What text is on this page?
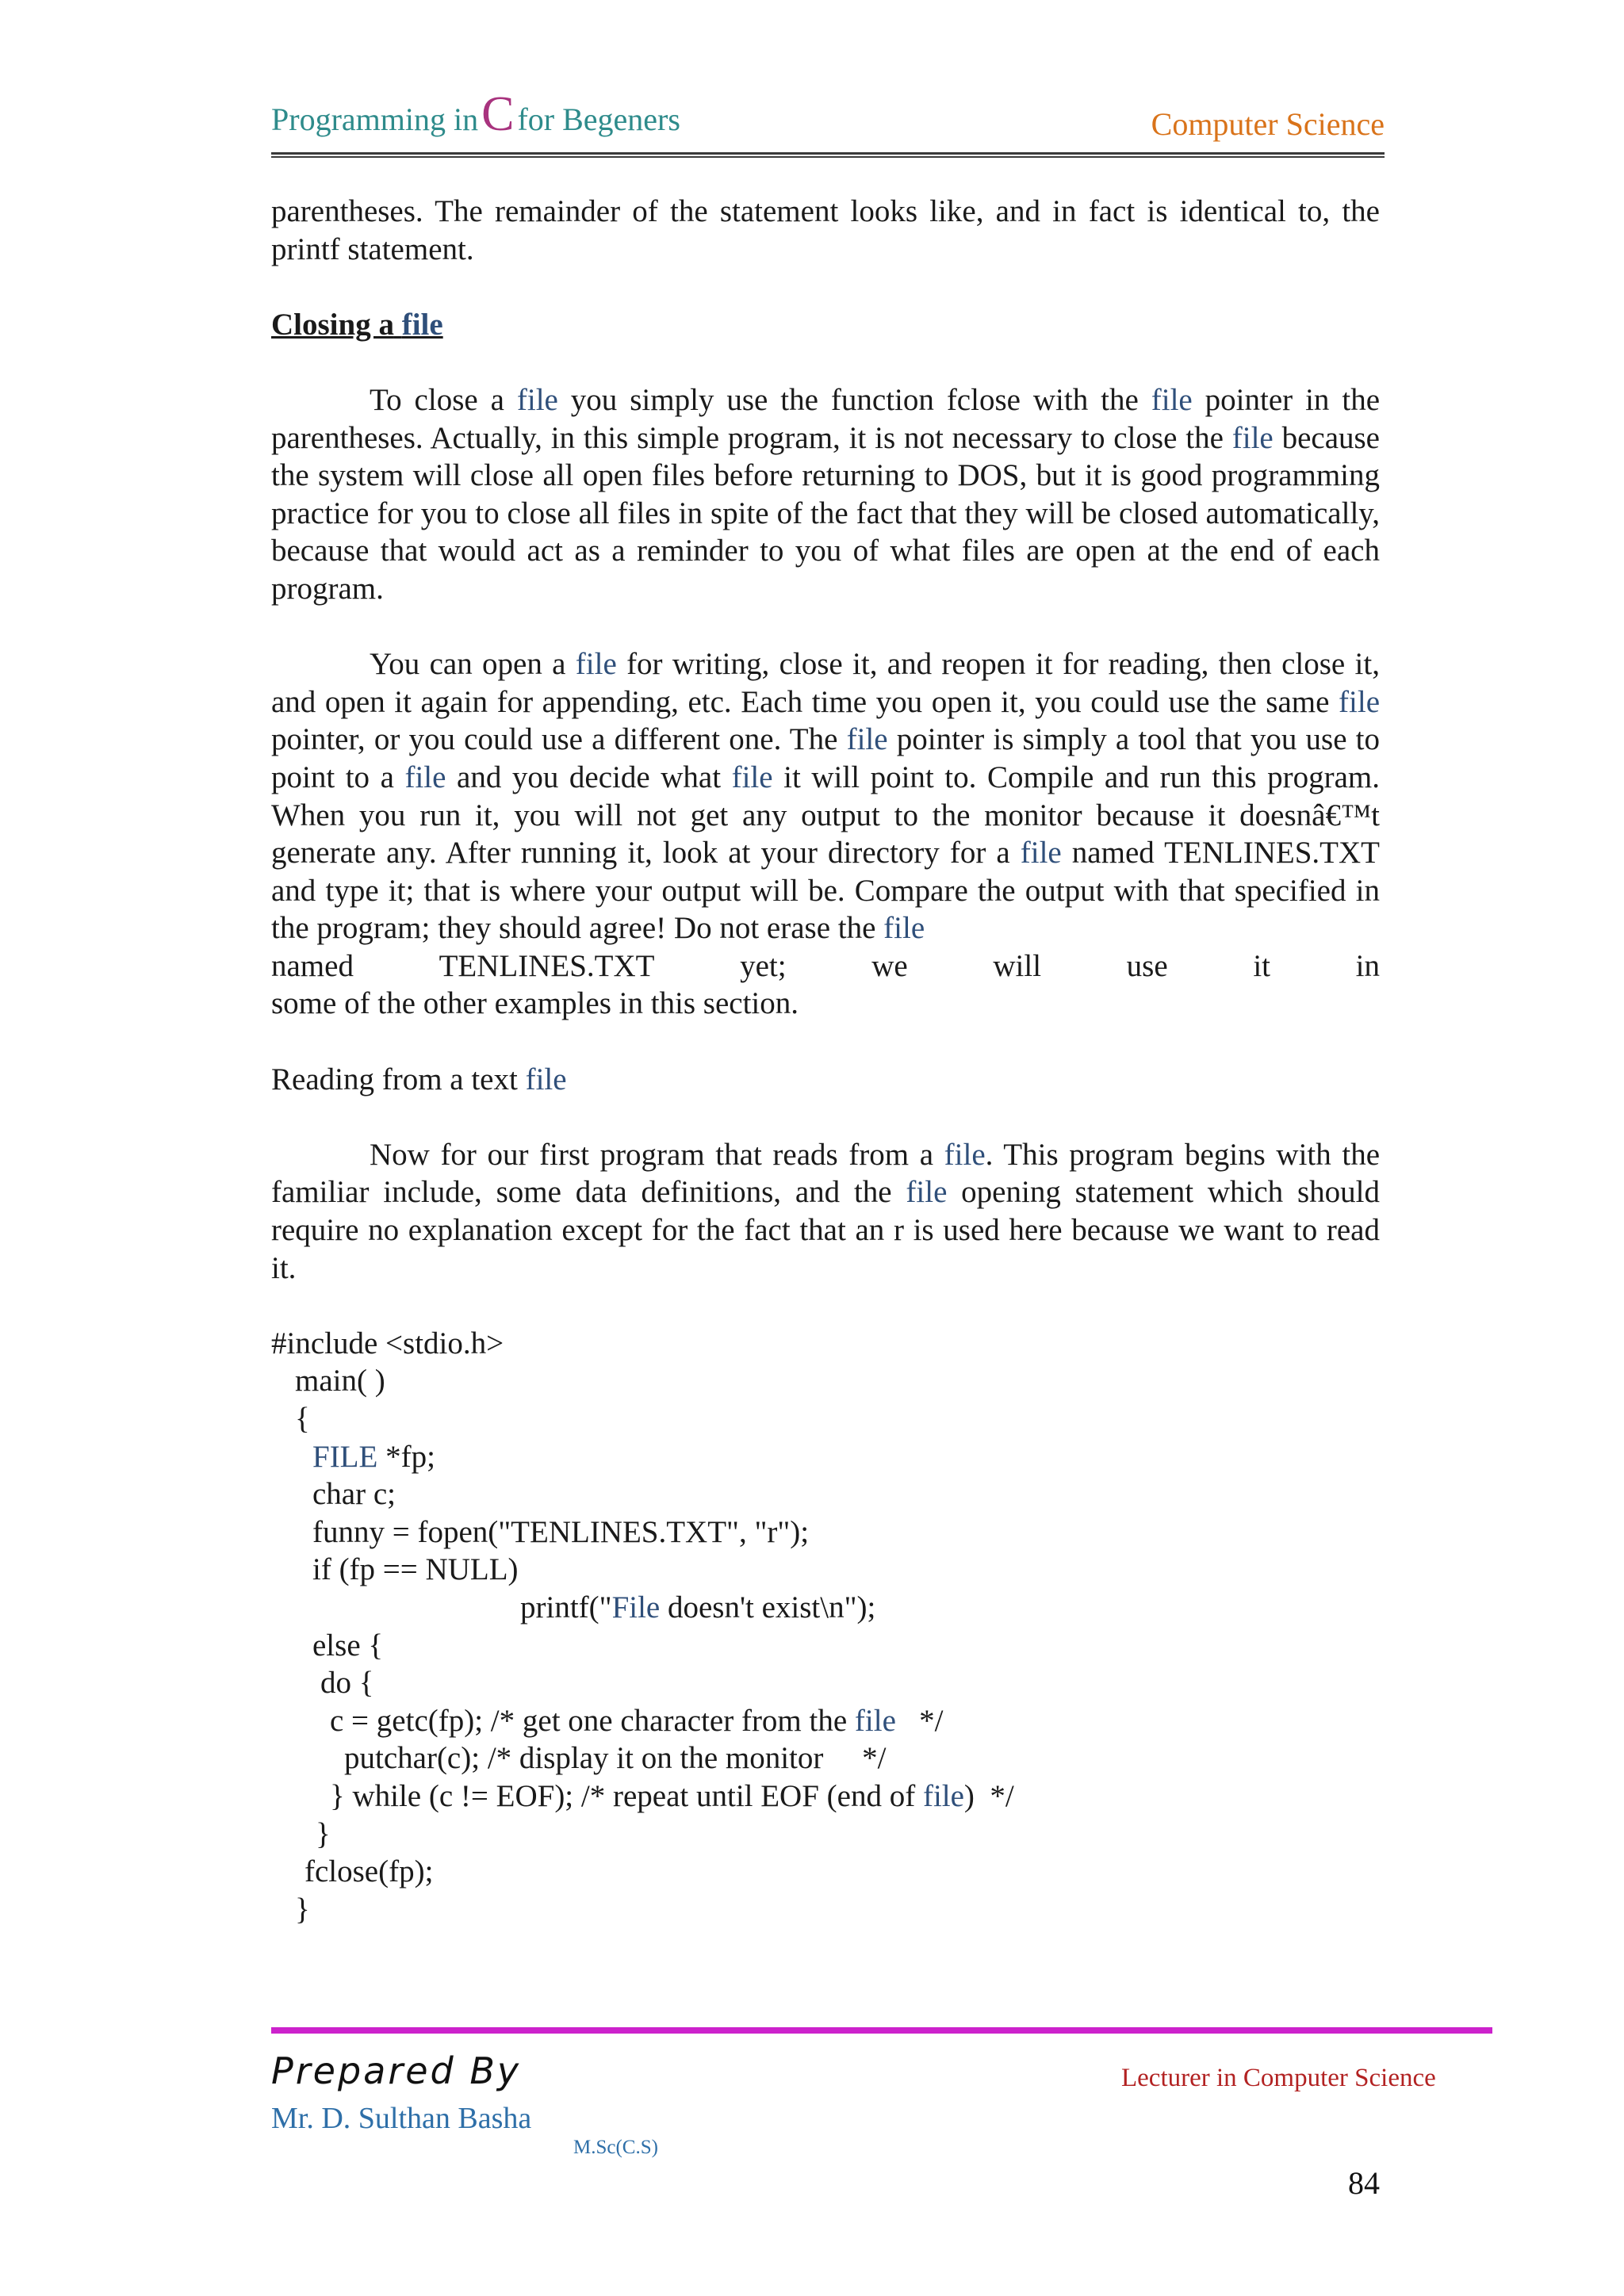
Programming inC for Begeners	Computer Science

parentheses. The remainder of the statement looks like, and in fact is identical to, the printf statement.

Closing a file

To close a file you simply use the function fclose with the file pointer in the parentheses. Actually, in this simple program, it is not necessary to close the file because the system will close all open files before returning to DOS, but it is good programming practice for you to close all files in spite of the fact that they will be closed automatically, because that would act as a reminder to you of what files are open at the end of each program.

You can open a file for writing, close it, and reopen it for reading, then close it, and open it again for appending, etc. Each time you open it, you could use the same file pointer, or you could use a different one. The file pointer is simply a tool that you use to point to a file and you decide what file it will point to. Compile and run this program. When you run it, you will not get any output to the monitor because it doesnâ€™t generate any. After running it, look at your directory for a file named TENLINES.TXT and type it; that is where your output will be. Compare the output with that specified in the program; they should agree! Do not erase the file

named	TENLINES.TXT	yet;	we	will	use	it	in

some of the other examples in this section.

Reading from a text file

Now for our first program that reads from a file. This program begins with the familiar include, some data definitions, and the file opening statement which should require no explanation except for the fact that an r is used here because we want to read it.

#include <stdio.h>
main( )
{
FILE *fp;
char c;
funny = fopen("TENLINES.TXT", "r");
if (fp == NULL)
printf("File doesn't exist\n");
else {
do {
c = getc(fp); /* get one character from the file   */
putchar(c); /* display it on the monitor     */
} while (c != EOF); /* repeat until EOF (end of file)  */
}
fclose(fp);
}
Prepared By
Mr. D. Sulthan Basha
M.Sc(C.S)
Lecturer in Computer Science
84
